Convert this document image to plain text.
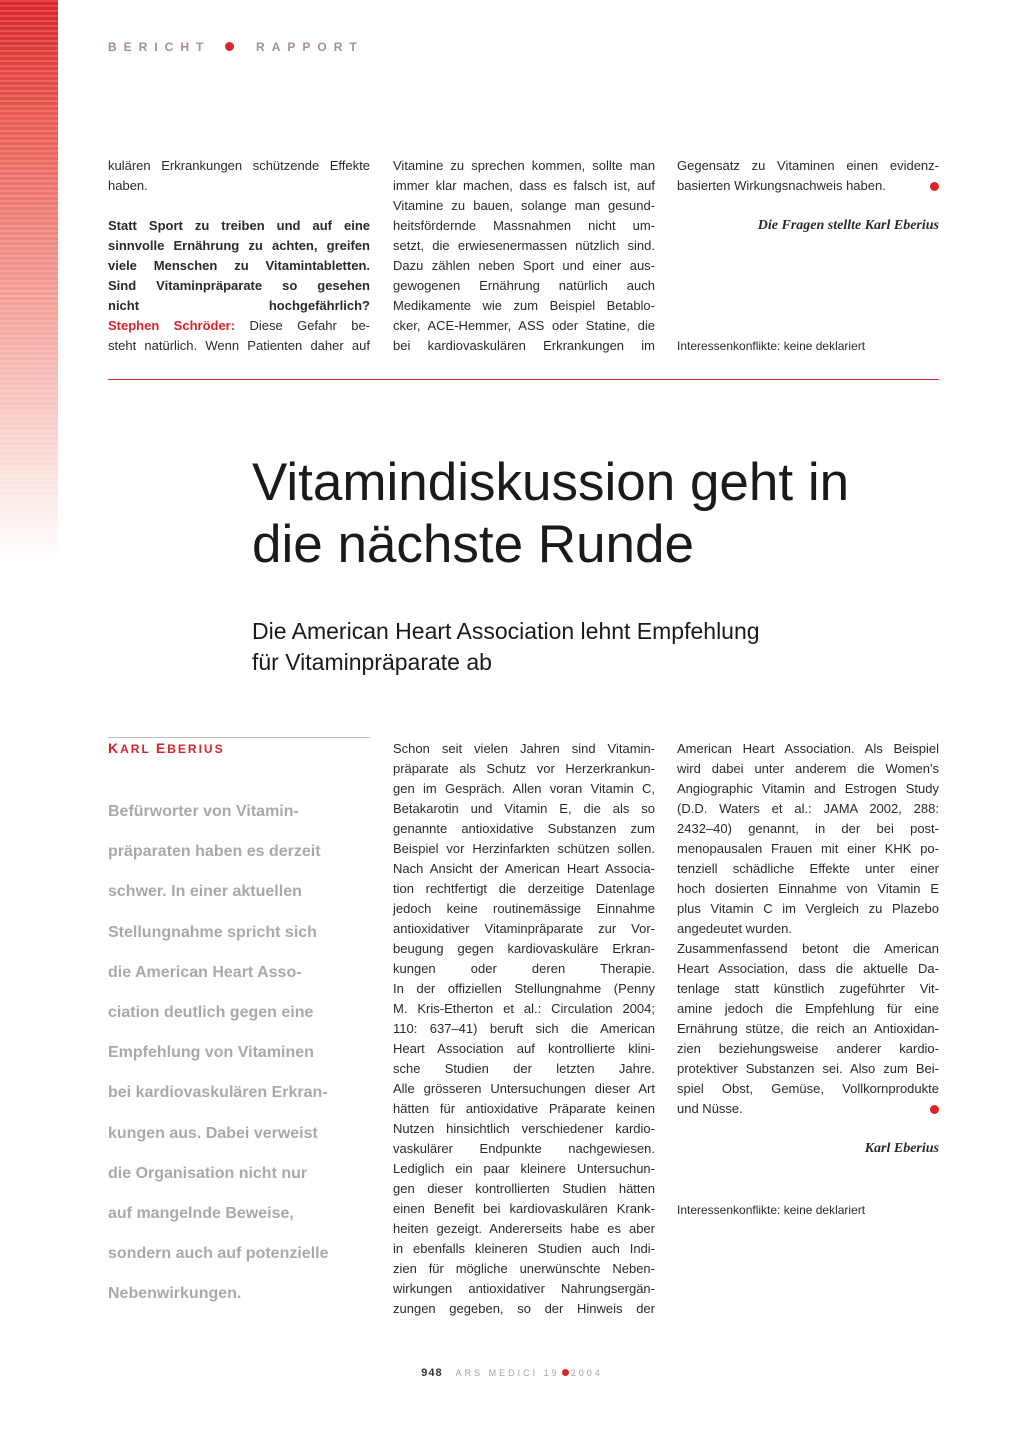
BERICHT	RAPPORT
kulären Erkrankungen schützende Effekte
haben.
Statt Sport zu treiben und auf eine
sinnvolle Ernährung zu achten, greifen
viele Menschen zu Vitamintabletten.
Sind Vitaminpräparate so gesehen
nicht hochgefährlich?
Stephen Schröder: Diese Gefahr be-
steht natürlich. Wenn Patienten daher auf
Vitamine zu sprechen kommen, sollte man
immer klar machen, dass es falsch ist, auf
Vitamine zu bauen, solange man gesund-
heitsfördernde Massnahmen nicht um-
setzt, die erwiesenermassen nützlich sind.
Dazu zählen neben Sport und einer aus-
gewogenen Ernährung natürlich auch
Medikamente wie zum Beispiel Betablo-
cker, ACE-Hemmer, ASS oder Statine, die
bei kardiovaskulären Erkrankungen im
Gegensatz zu Vitaminen einen evidenz-
basierten Wirkungsnachweis haben.
Die Fragen stellte Karl Eberius
Interessenkonflikte: keine deklariert
Vitamindiskussion geht in
die nächste Runde
Die American Heart Association lehnt Empfehlung
für Vitaminpräparate ab
KARL EBERIUS
Befürworter von Vitamin-
präparaten haben es derzeit
schwer. In einer aktuellen
Stellungnahme spricht sich
die American Heart Asso-
ciation deutlich gegen eine
Empfehlung von Vitaminen
bei kardiovaskulären Erkran-
kungen aus. Dabei verweist
die Organisation nicht nur
auf mangelnde Beweise,
sondern auch auf potenzielle
Nebenwirkungen.
Schon seit vielen Jahren sind Vitamin-
präparate als Schutz vor Herzerkrankun-
gen im Gespräch. Allen voran Vitamin C,
Betakarotin und Vitamin E, die als so
genannte antioxidative Substanzen zum
Beispiel vor Herzinfarkten schützen sollen.
Nach Ansicht der American Heart Associa-
tion rechtfertigt die derzeitige Datenlage
jedoch keine routinemässige Einnahme
antioxidativer Vitaminpräparate zur Vor-
beugung gegen kardiovaskuläre Erkran-
kungen oder deren Therapie.
In der offiziellen Stellungnahme (Penny
M. Kris-Etherton et al.: Circulation 2004;
110: 637–41) beruft sich die American
Heart Association auf kontrollierte klini-
sche Studien der letzten Jahre.
Alle grösseren Untersuchungen dieser Art
hätten für antioxidative Präparate keinen
Nutzen hinsichtlich verschiedener kardio-
vaskulärer Endpunkte nachgewiesen.
Lediglich ein paar kleinere Untersuchun-
gen dieser kontrollierten Studien hätten
einen Benefit bei kardiovaskulären Krank-
heiten gezeigt. Andererseits habe es aber
in ebenfalls kleineren Studien auch Indi-
zien für mögliche unerwünschte Neben-
wirkungen antioxidativer Nahrungsergän-
zungen gegeben, so der Hinweis der
American Heart Association. Als Beispiel
wird dabei unter anderem die Women's
Angiographic Vitamin and Estrogen Study
(D.D. Waters et al.: JAMA 2002, 288:
2432–40) genannt, in der bei post-
menopausalen Frauen mit einer KHK po-
tenziell schädliche Effekte unter einer
hoch dosierten Einnahme von Vitamin E
plus Vitamin C im Vergleich zu Plazebo
angedeutet wurden.
Zusammenfassend betont die American
Heart Association, dass die aktuelle Da-
tenlage statt künstlich zugeführter Vit-
amine jedoch die Empfehlung für eine
Ernährung stütze, die reich an Antioxidan-
zien beziehungsweise anderer kardio-
protektiver Substanzen sei. Also zum Bei-
spiel Obst, Gemüse, Vollkornprodukte
und Nüsse.
Karl Eberius
Interessenkonflikte: keine deklariert
948 ARS MEDICI 19 2004
